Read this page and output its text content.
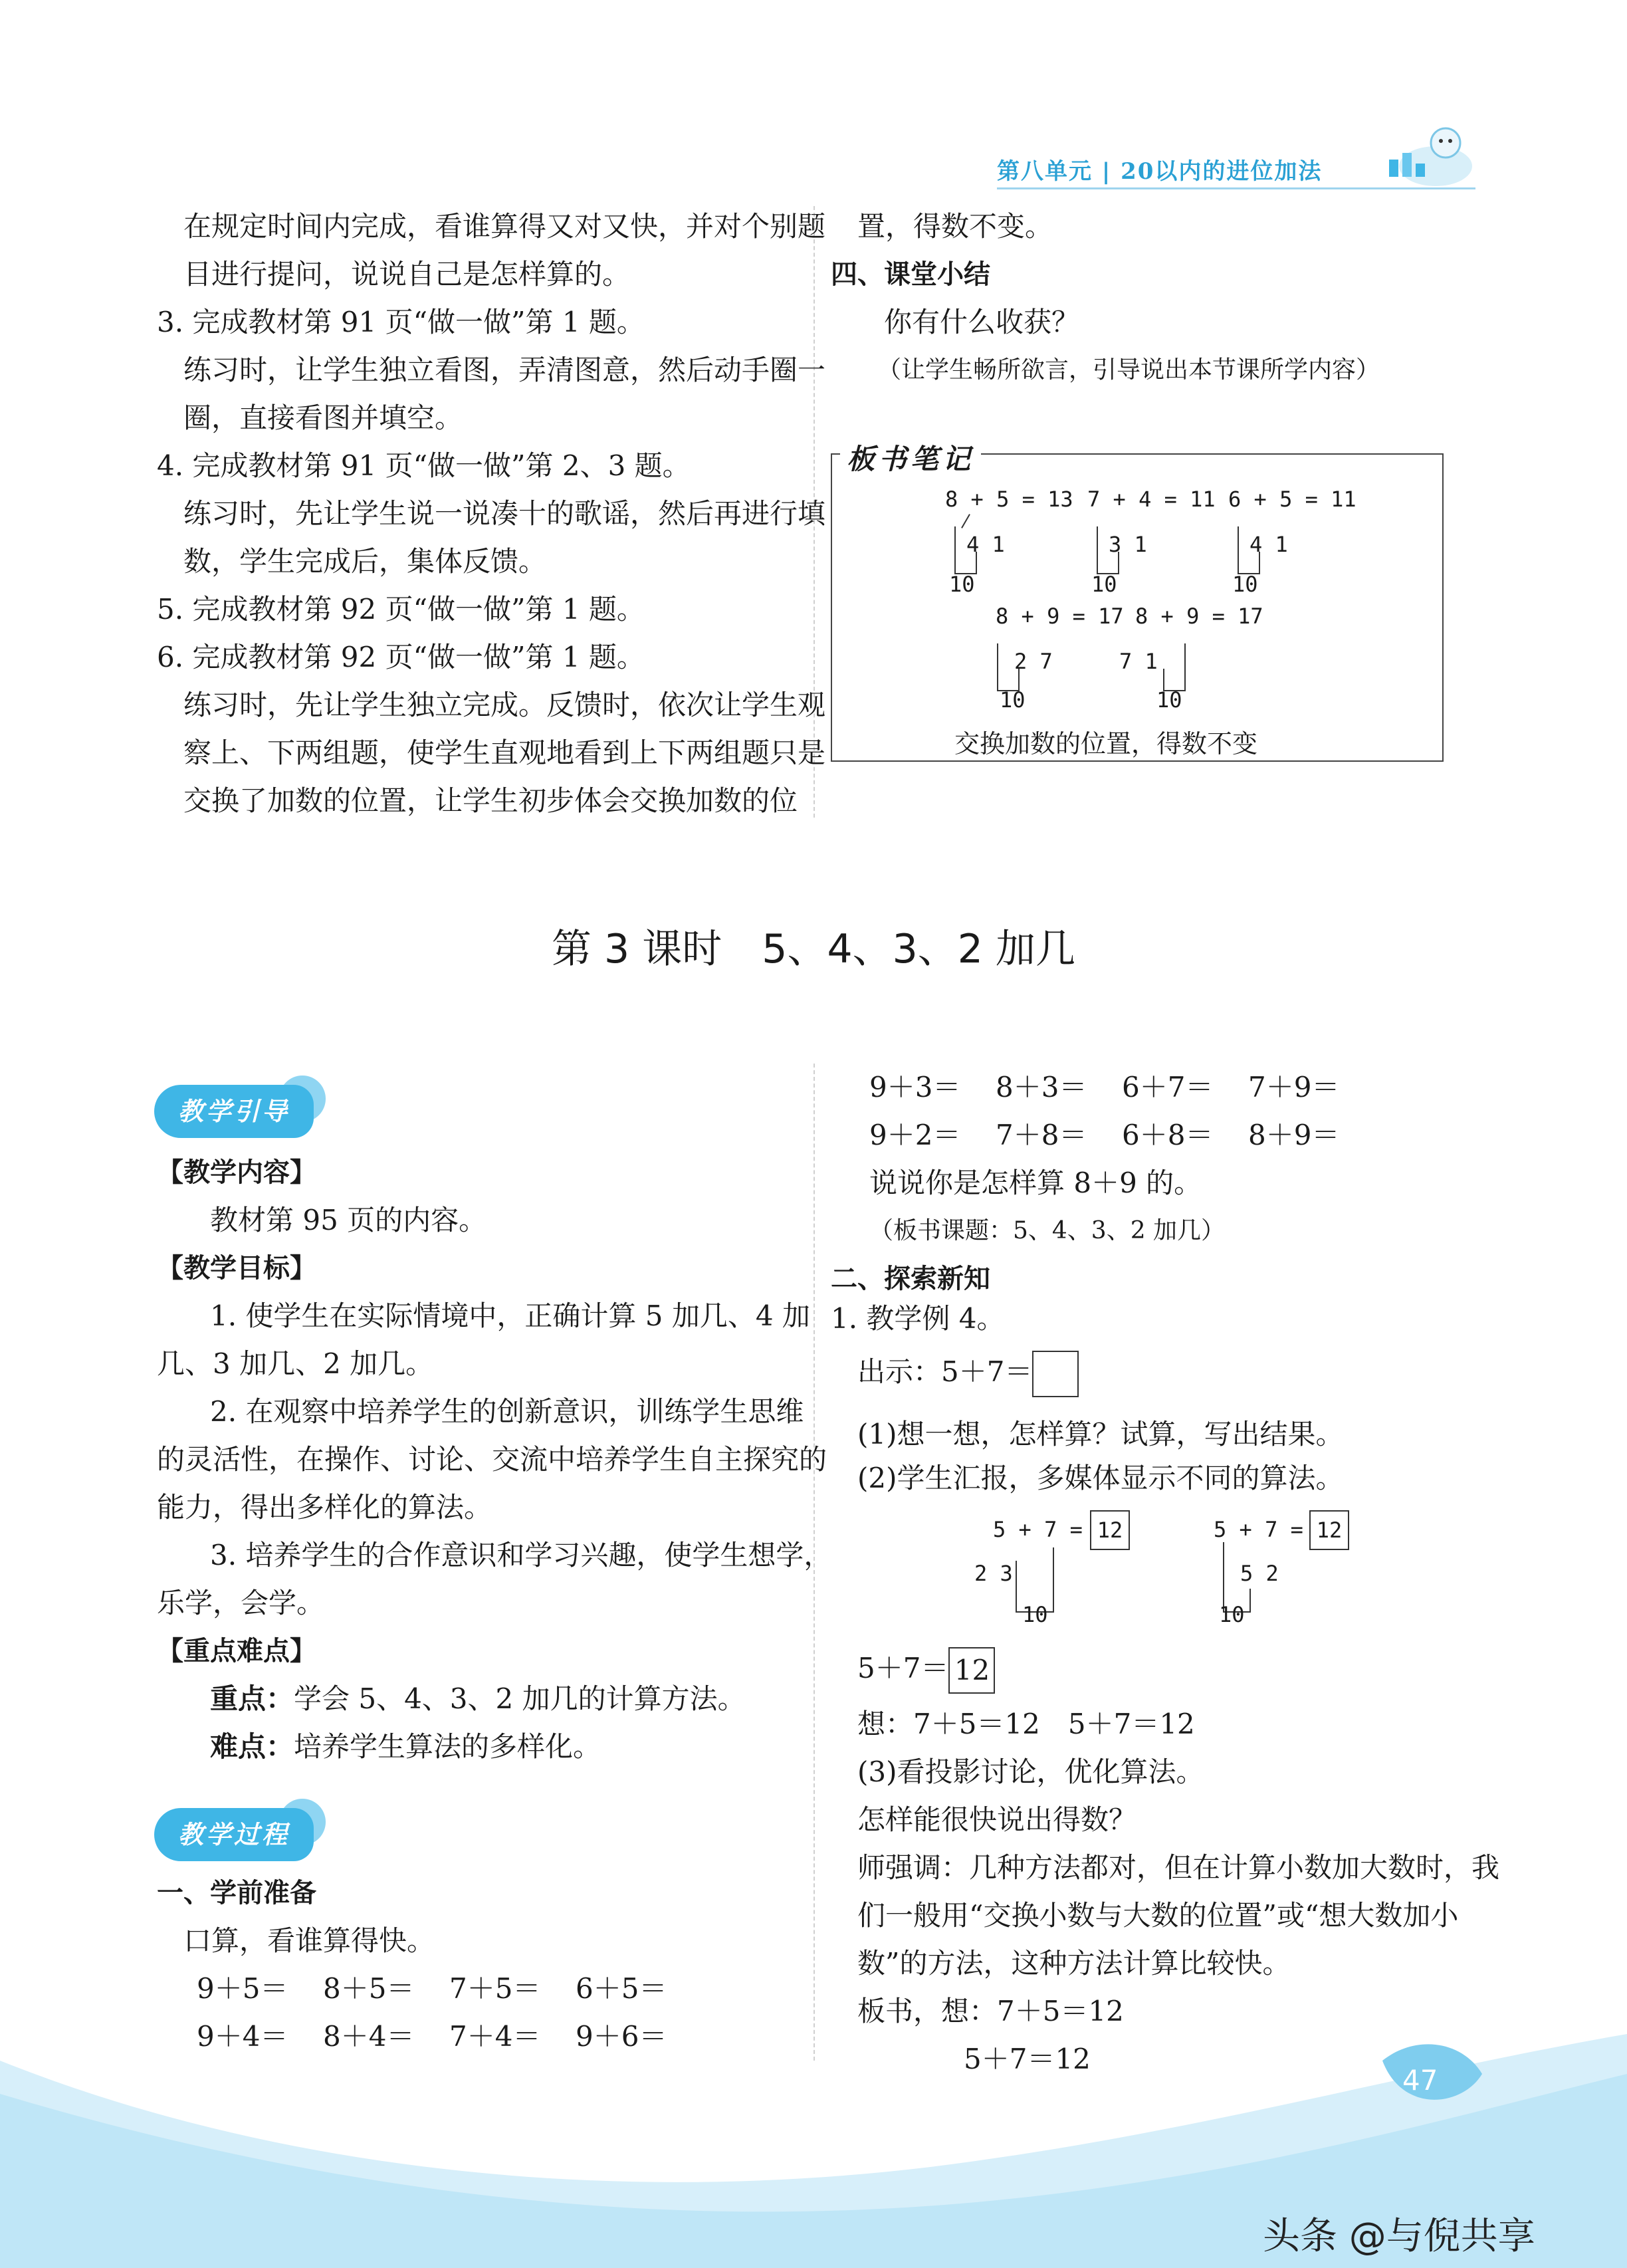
第八单元 | 20以内的进位加法
在规定时间内完成，看谁算得又对又快，并对个别题
目进行提问，说说自己是怎样算的。
3. 完成教材第 91 页“做一做”第 1 题。
练习时，让学生独立看图，弄清图意，然后动手圈一
圈，直接看图并填空。
4. 完成教材第 91 页“做一做”第 2、3 题。
练习时，先让学生说一说凑十的歌谣，然后再进行填
数，学生完成后，集体反馈。
5. 完成教材第 92 页“做一做”第 1 题。
6. 完成教材第 92 页“做一做”第 1 题。
练习时，先让学生独立完成。反馈时，依次让学生观
察上、下两组题，使学生直观地看到上下两组题只是
交换了加数的位置，让学生初步体会交换加数的位
置，得数不变。
四、课堂小结
你有什么收获？
（让学生畅所欲言，引导说出本节课所学内容）
板书笔记
8 + 5 = 13
4 1
10
7 + 4 = 11
3 1
10
6 + 5 = 11
4 1
10
8 + 9 = 17
2 7
10
8 + 9 = 17
7 1
10
交换加数的位置，得数不变
第 3 课时　5、4、3、2 加几
教学引导
【教学内容】
教材第 95 页的内容。
【教学目标】
1. 使学生在实际情境中，正确计算 5 加几、4 加
几、3 加几、2 加几。
2. 在观察中培养学生的创新意识，训练学生思维
的灵活性，在操作、讨论、交流中培养学生自主探究的
能力，得出多样化的算法。
3. 培养学生的合作意识和学习兴趣，使学生想学，
乐学，会学。
【重点难点】
重点：学会 5、4、3、2 加几的计算方法。
难点：培养学生算法的多样化。
教学过程
一、学前准备
口算，看谁算得快。
9＋5＝ 8＋5＝ 7＋5＝ 6＋5＝
9＋4＝ 8＋4＝ 7＋4＝ 9＋6＝
9＋3＝ 8＋3＝ 6＋7＝ 7＋9＝
9＋2＝ 7＋8＝ 6＋8＝ 8＋9＝
说说你是怎样算 8＋9 的。
（板书课题：5、4、3、2 加几）
二、探索新知
1. 教学例 4。
出示：5＋7＝
(1)想一想，怎样算？试算，写出结果。
(2)学生汇报，多媒体显示不同的算法。
5 + 7 = 12
2 3
10
5 + 7 = 12
5 2
10
5＋7＝ 12
想：7＋5＝12　5＋7＝12
(3)看投影讨论，优化算法。
怎样能很快说出得数？
师强调：几种方法都对，但在计算小数加大数时，我
们一般用“交换小数与大数的位置”或“想大数加小
数”的方法，这种方法计算比较快。
板书，想：7＋5＝12
5＋7＝12
47
头条 @与倪共享
